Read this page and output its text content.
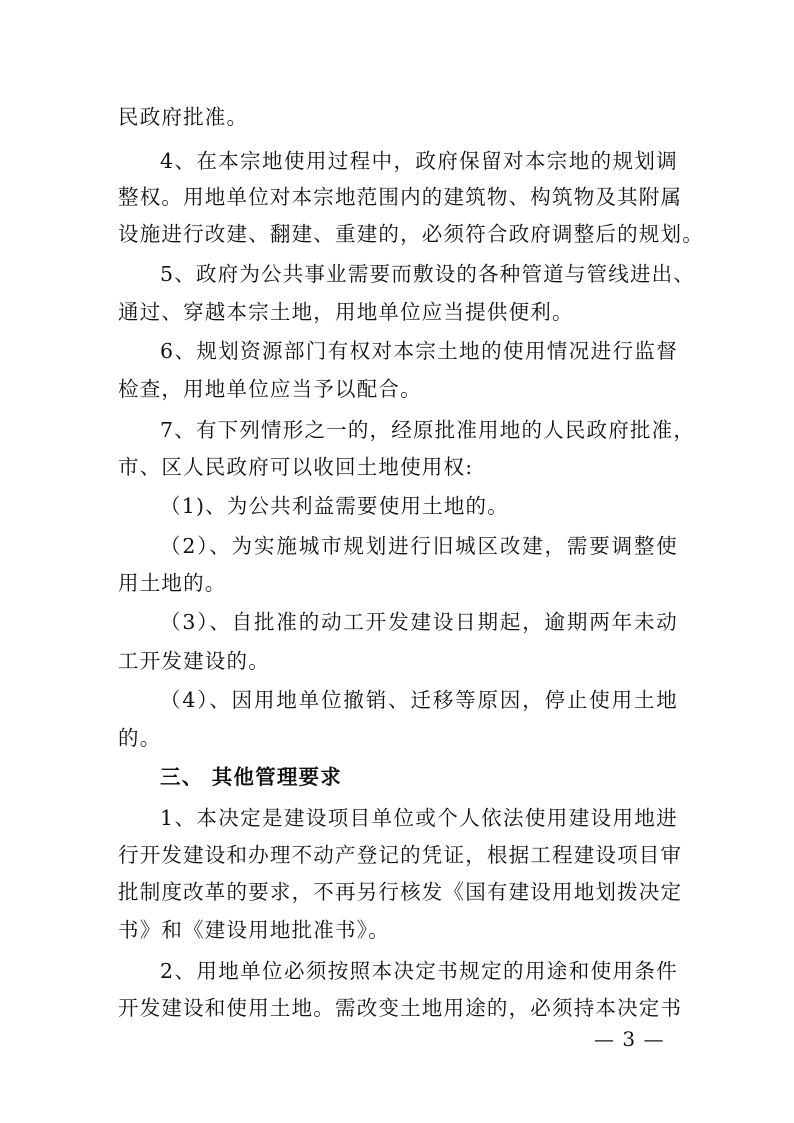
民政府批准。
4、在本宗地使用过程中，政府保留对本宗地的规划调
整权。用地单位对本宗地范围内的建筑物、构筑物及其附属
设施进行改建、翻建、重建的，必须符合政府调整后的规划。
5、政府为公共事业需要而敷设的各种管道与管线进出、
通过、穿越本宗土地，用地单位应当提供便利。
6、规划资源部门有权对本宗土地的使用情况进行监督
检查，用地单位应当予以配合。
7、有下列情形之一的，经原批准用地的人民政府批准，
市、区人民政府可以收回土地使用权:
（1)、为公共利益需要使用土地的。
（2）、为实施城市规划进行旧城区改建，需要调整使
用土地的。
（3）、自批准的动工开发建设日期起，逾期两年未动
工开发建设的。
（4）、因用地单位撤销、迁移等原因，停止使用土地
的。
三、 其他管理要求
1、本决定是建设项目单位或个人依法使用建设用地进
行开发建设和办理不动产登记的凭证，根据工程建设项目审
批制度改革的要求，不再另行核发《国有建设用地划拨决定
书》和《建设用地批准书》。
2、用地单位必须按照本决定书规定的用途和使用条件
开发建设和使用土地。需改变土地用途的，必须持本决定书
— 3 —
